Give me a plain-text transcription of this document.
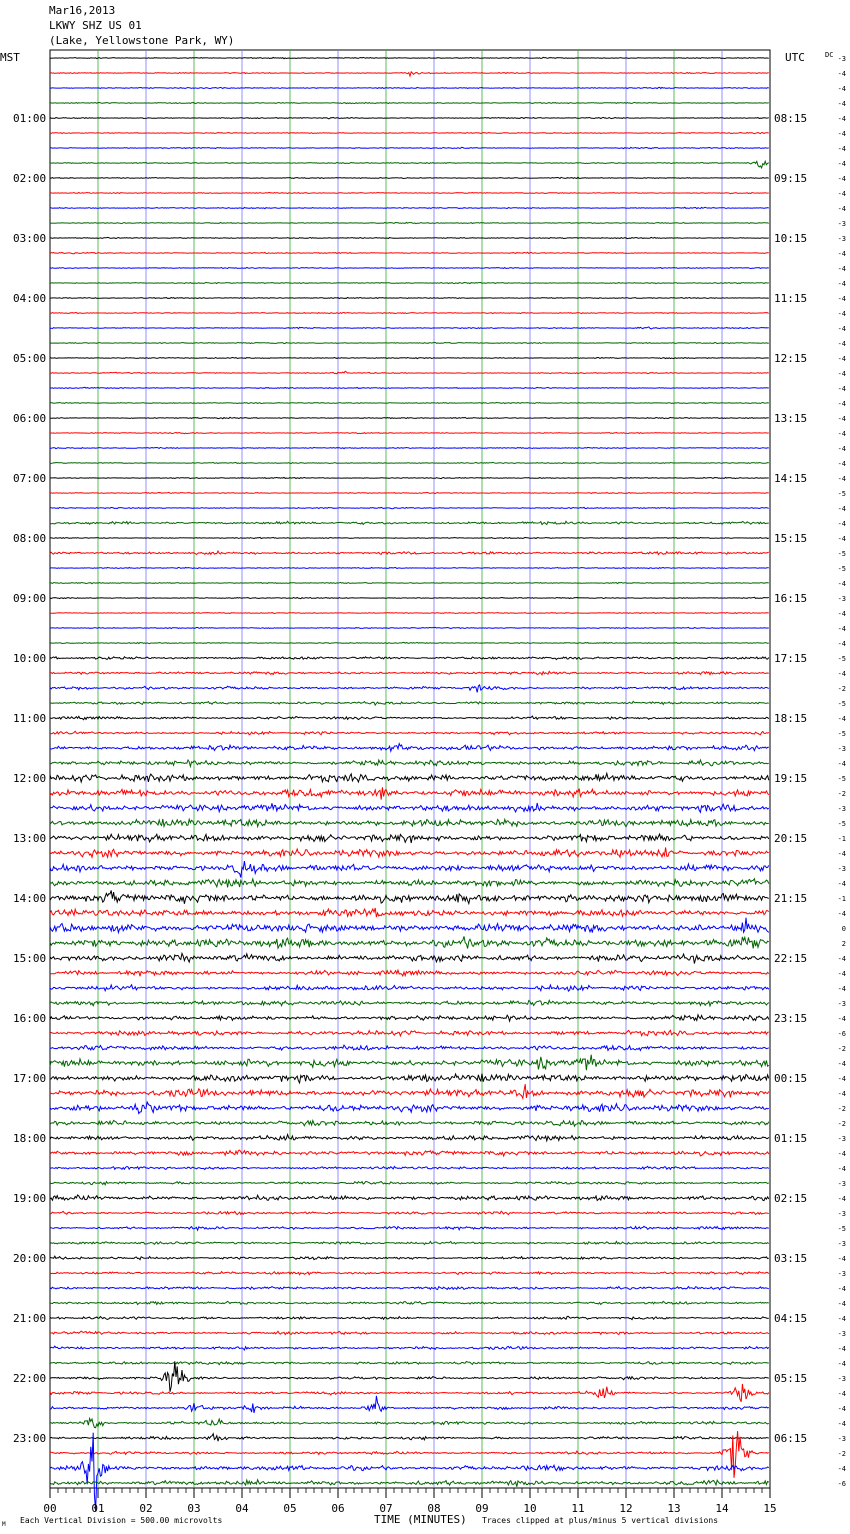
Mar16,2013
LKWY SHZ US 01
(Lake, Yellowstone Park, WY)
-3
-4
-4
-4
-4
-4
-4
-4
-4
-4
-4
-3
-3
-4
-4
-4
-4
-4
-4
-4
-4
-4
-4
-4
-4
-4
-4
-4
-4
-5
-4
-4
-4
-5
-5
-4
-3
-4
-4
-4
-5
-4
-2
-5
-4
-5
-3
-4
-5
-2
-3
-5
-1
-4
-3
-4
-1
-4
0
2
-4
-4
-4
-3
-4
-6
-2
-4
-4
-4
-2
-2
-3
-4
-4
-3
-4
-3
-5
-3
-4
-3
-4
-4
-4
-3
-4
-4
-3
-4
-4
-4
-3
-2
-4
-6
MST	UTC	DC
01:00
02:00
03:00
04:00
05:00
06:00
07:00
08:00
09:00
10:00
11:00
12:00
13:00
14:00
15:00
16:00
17:00
18:00
19:00
20:00
21:00
22:00
23:00
08:15
09:15
10:15
11:15
12:15
13:15
14:15
15:15
16:15
17:15
18:15
19:15
20:15
21:15
22:15
23:15
00:15
01:15
02:15
03:15
04:15
05:15
06:15
00	01	02	03	04	05	06	07	08	09	10	11	12	13	14	15
M Each Vertical Division = 500.00 microvolts	TIME (MINUTES) Traces clipped at plus/minus 5 vertical divisions
